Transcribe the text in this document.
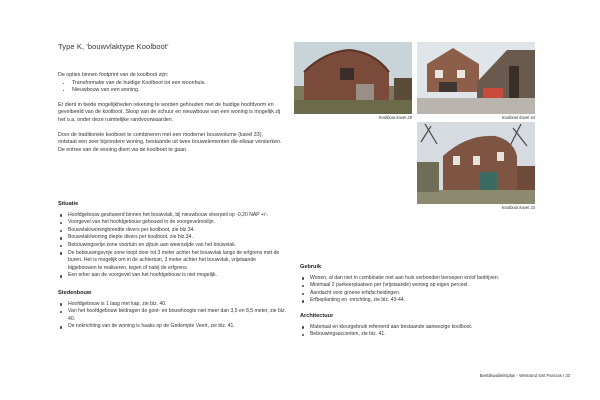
Type K, 'bouwvlaktype Koolboot'

De opties binnen footprint van de koolboot zijn:

• Transformatie van de huidige Koolboot tot een woonhuis.
• Nieuwbouw van een woning.

Er dient in beide mogelijkheden rekening te worden gehouden met de huidige hoofdvorm en gevelbeeld van de koolboot. Sloop van de schuur en nieuwbouw van een woning is mogelijk zij het o.a. onder deze ruimtelijke randvoorwaarden.

Door de traditionele koolboet te combineren met een moderner bouwvolume (kavel 33), ontstaat een zeer bijzondere woning, bestaande uit twee bouwelementen die elkaar versterken. De entree van de woning dient via de koolboet te gaan.

Koolboot kavel 29	Koolboet kavel 44
Koolboot kavel 33
Situatie
Hoofdgebouw gesitueerd binnen het bouwvlak, bij nieuwbouw vloerpeil op -0,20 NAP +/-.
Voorgevel van het hoofdgebouw gebouwd in de voorgevelrooilijn.
Bouwvlak/woningbreedte divers per koolboot, zie blz.34.
Bouwvlak/woning diepte divers per koolboot, zie blz.34.
Bebouwingsvrije zone voortuin en zijtuin aan weerszijde van het bouwvlak.
De bebouwingsvrije zone loopt door tot 3 meter achter het bouwvlak langs de erfgrens met de buren. Het is mogelijk om in de achtertuin, 3 meter achter het bouwvlak, vrijstaande bijgebouwen te realiseren, tegen of nabij de erfgrens.
Een erker aan de voorgevel van het hoofdgebouw is niet mogelijk.
Stedenbouw
Hoofdgebouw is 1 laag met kap, zie blz. 40.
Van het hoofdgebouw bedragen de goot- en bouwhoogte niet meer dan 3,5 en 8,5 meter, zie blz. 40.
De nokrichting van de woning is haaks op de Gedempte Veert, zie blz. 41.
Gebruik
Wonen, al dan niet in combinatie met aan huis verbonden beroepen en/of bedrijven.
Minimaal 2 parkeerplaatsen per (vrijstaande) woning op eigen perceel.
Aandacht voor groene erfafscheidingen.
Erfbeplanting en -inrichting, zie blz. 43-44.
Architectuur
Materiaal en kleurgebruik refereerd aan bestaande aanwezige koolboot.
Bebouwingsaccenten, zie blz. 41.
Beeldkwaliteitsplan - Westrand Sint Pancras I 33
